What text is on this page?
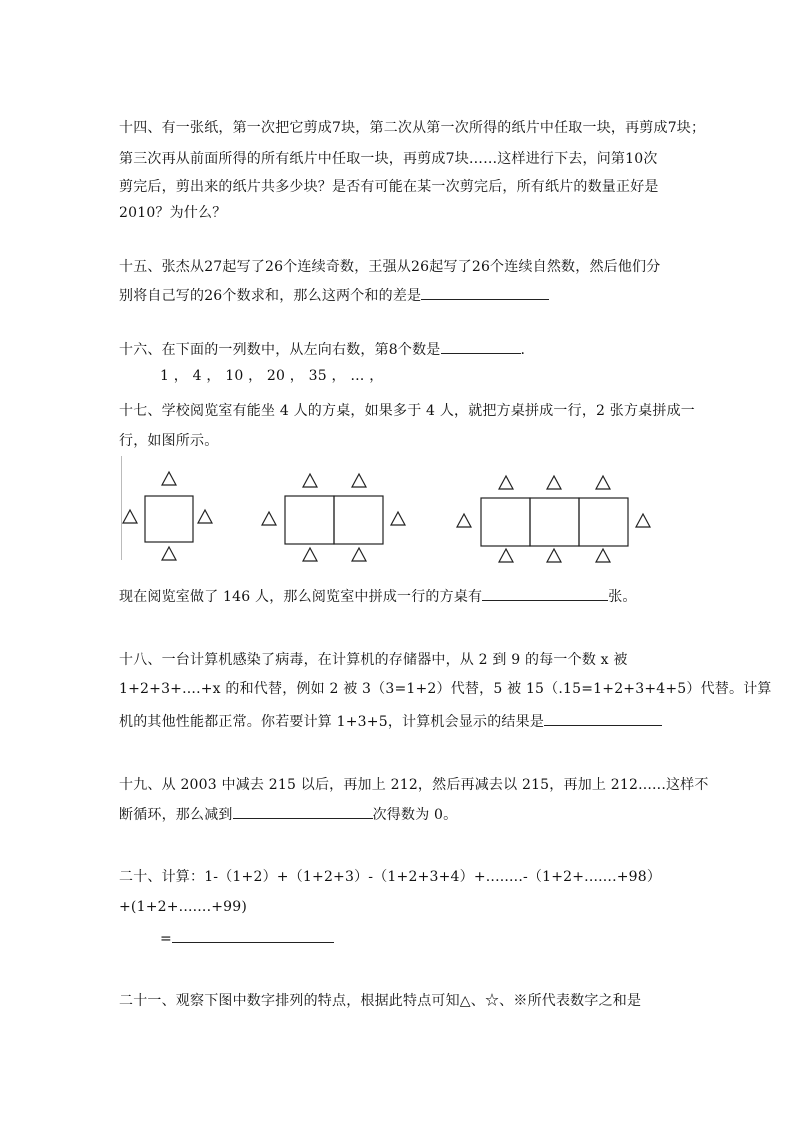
十四、有一张纸，第一次把它剪成7块，第二次从第一次所得的纸片中任取一块，再剪成7块；
第三次再从前面所得的所有纸片中任取一块，再剪成7块……这样进行下去，问第10次
剪完后，剪出来的纸片共多少块？是否有可能在某一次剪完后，所有纸片的数量正好是
2010？为什么？
十五、张杰从27起写了26个连续奇数，王强从26起写了26个连续自然数，然后他们分
别将自己写的26个数求和，那么这两个和的差是
十六、在下面的一列数中，从左向右数，第8个数是	.
1 ， 4 ， 10 ， 20 ， 35 ， … ，
十七、学校阅览室有能坐 4 人的方桌，如果多于 4 人，就把方桌拼成一行，2 张方桌拼成一
行，如图所示。
现在阅览室做了 146 人，那么阅览室中拼成一行的方桌有	张。
十八、一台计算机感染了病毒，在计算机的存储器中，从 2 到 9 的每一个数 x 被
1+2+3+....+x 的和代替，例如 2 被 3（3=1+2）代替，5 被 15（.15=1+2+3+4+5）代替。计算
机的其他性能都正常。你若要计算 1+3+5，计算机会显示的结果是
十九、从 2003 中减去 215 以后，再加上 212，然后再减去以 215，再加上 212......这样不
断循环，那么减到	次得数为 0。
二十、计算：1-（1+2）+（1+2+3）-（1+2+3+4）+........-（1+2+.......+98）
+(1+2+.......+99)
=
二十一、观察下图中数字排列的特点，根据此特点可知△、☆、※所代表数字之和是
